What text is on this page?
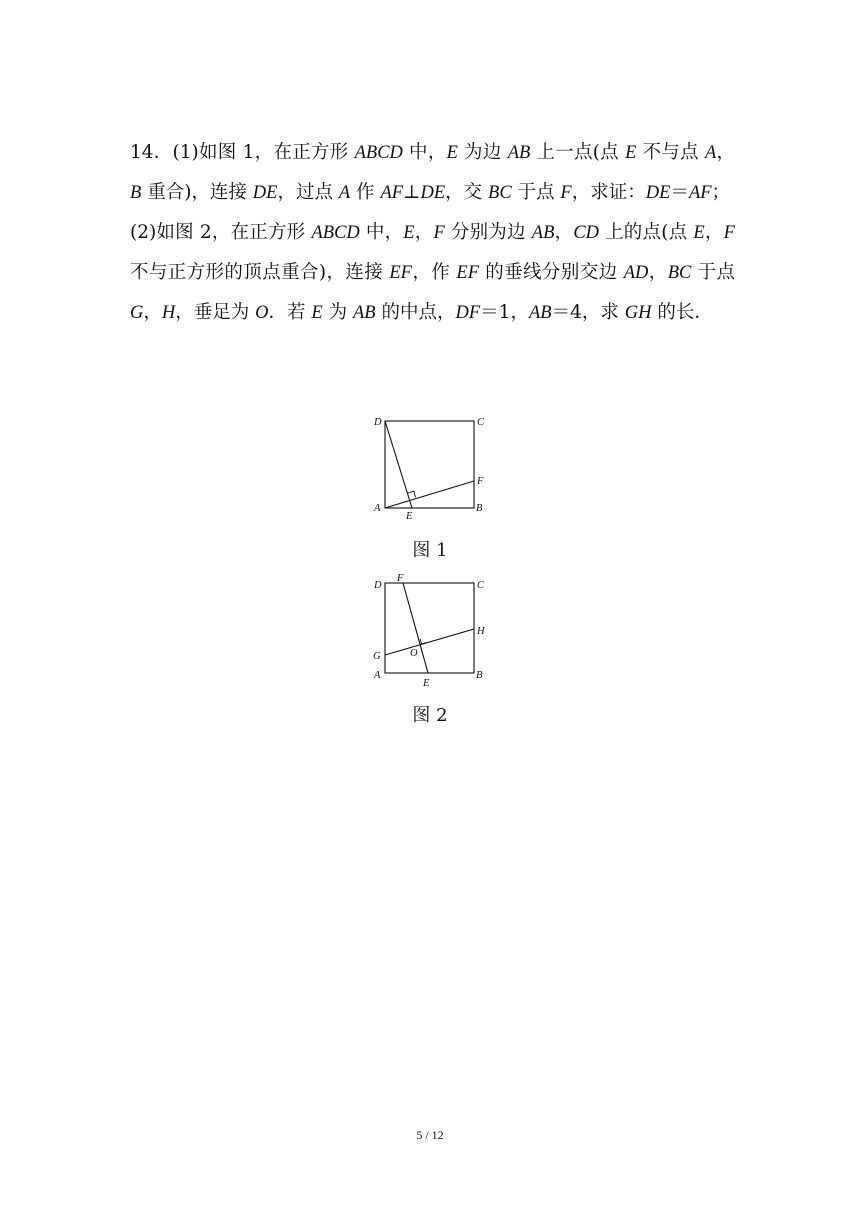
14．(1)如图 1，在正方形 ABCD 中，E 为边 AB 上一点(点 E 不与点 A，B 重合)，连接 DE，过点 A 作 AF⊥DE，交 BC 于点 F，求证：DE＝AF；

(2)如图 2，在正方形 ABCD 中，E，F 分别为边 AB，CD 上的点(点 E，F 不与正方形的顶点重合)，连接 EF，作 EF 的垂线分别交边 AD，BC 于点 G，H，垂足为 O．若 E 为 AB 的中点，DF＝1，AB＝4，求 GH 的长．

D	C
F
A
E
B
图 1
F
D	C
H
G	O
A
E
B
图 2
5 / 12
